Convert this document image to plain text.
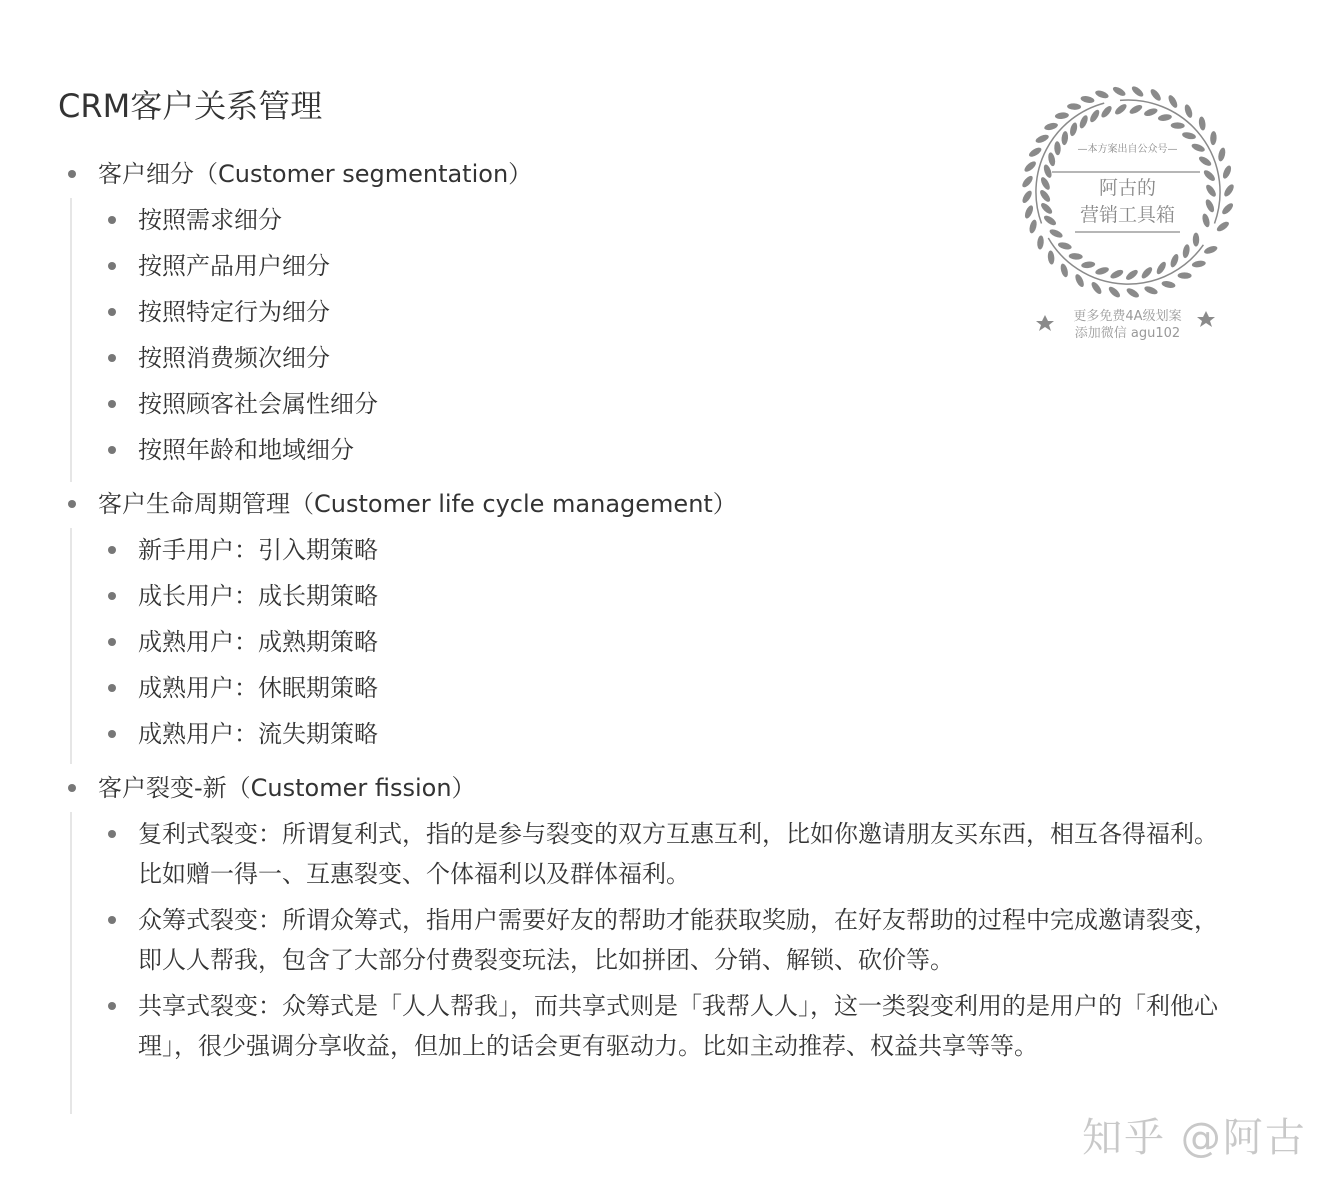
CRM客户关系管理
客户细分（Customer segmentation）
按照需求细分
按照产品用户细分
按照特定行为细分
按照消费频次细分
按照顾客社会属性细分
按照年龄和地域细分
客户生命周期管理（Customer life cycle management）
新手用户：引入期策略
成长用户：成长期策略
成熟用户：成熟期策略
成熟用户：休眠期策略
成熟用户：流失期策略
客户裂变-新（Customer fission）
复利式裂变：所谓复利式，指的是参与裂变的双方互惠互利，比如你邀请朋友买东西，相互各得福利。比如赠一得一、互惠裂变、个体福利以及群体福利。
众筹式裂变：所谓众筹式，指用户需要好友的帮助才能获取奖励，在好友帮助的过程中完成邀请裂变，即人人帮我，包含了大部分付费裂变玩法，比如拼团、分销、解锁、砍价等。
共享式裂变：众筹式是「人人帮我」，而共享式则是「我帮人人」，这一类裂变利用的是用户的「利他心理」，很少强调分享收益，但加上的话会更有驱动力。比如主动推荐、权益共享等等。
—本方案出自公众号—
阿古的
营销工具箱
更多免费4A级划案
添加微信 agu102
知乎 @阿古
